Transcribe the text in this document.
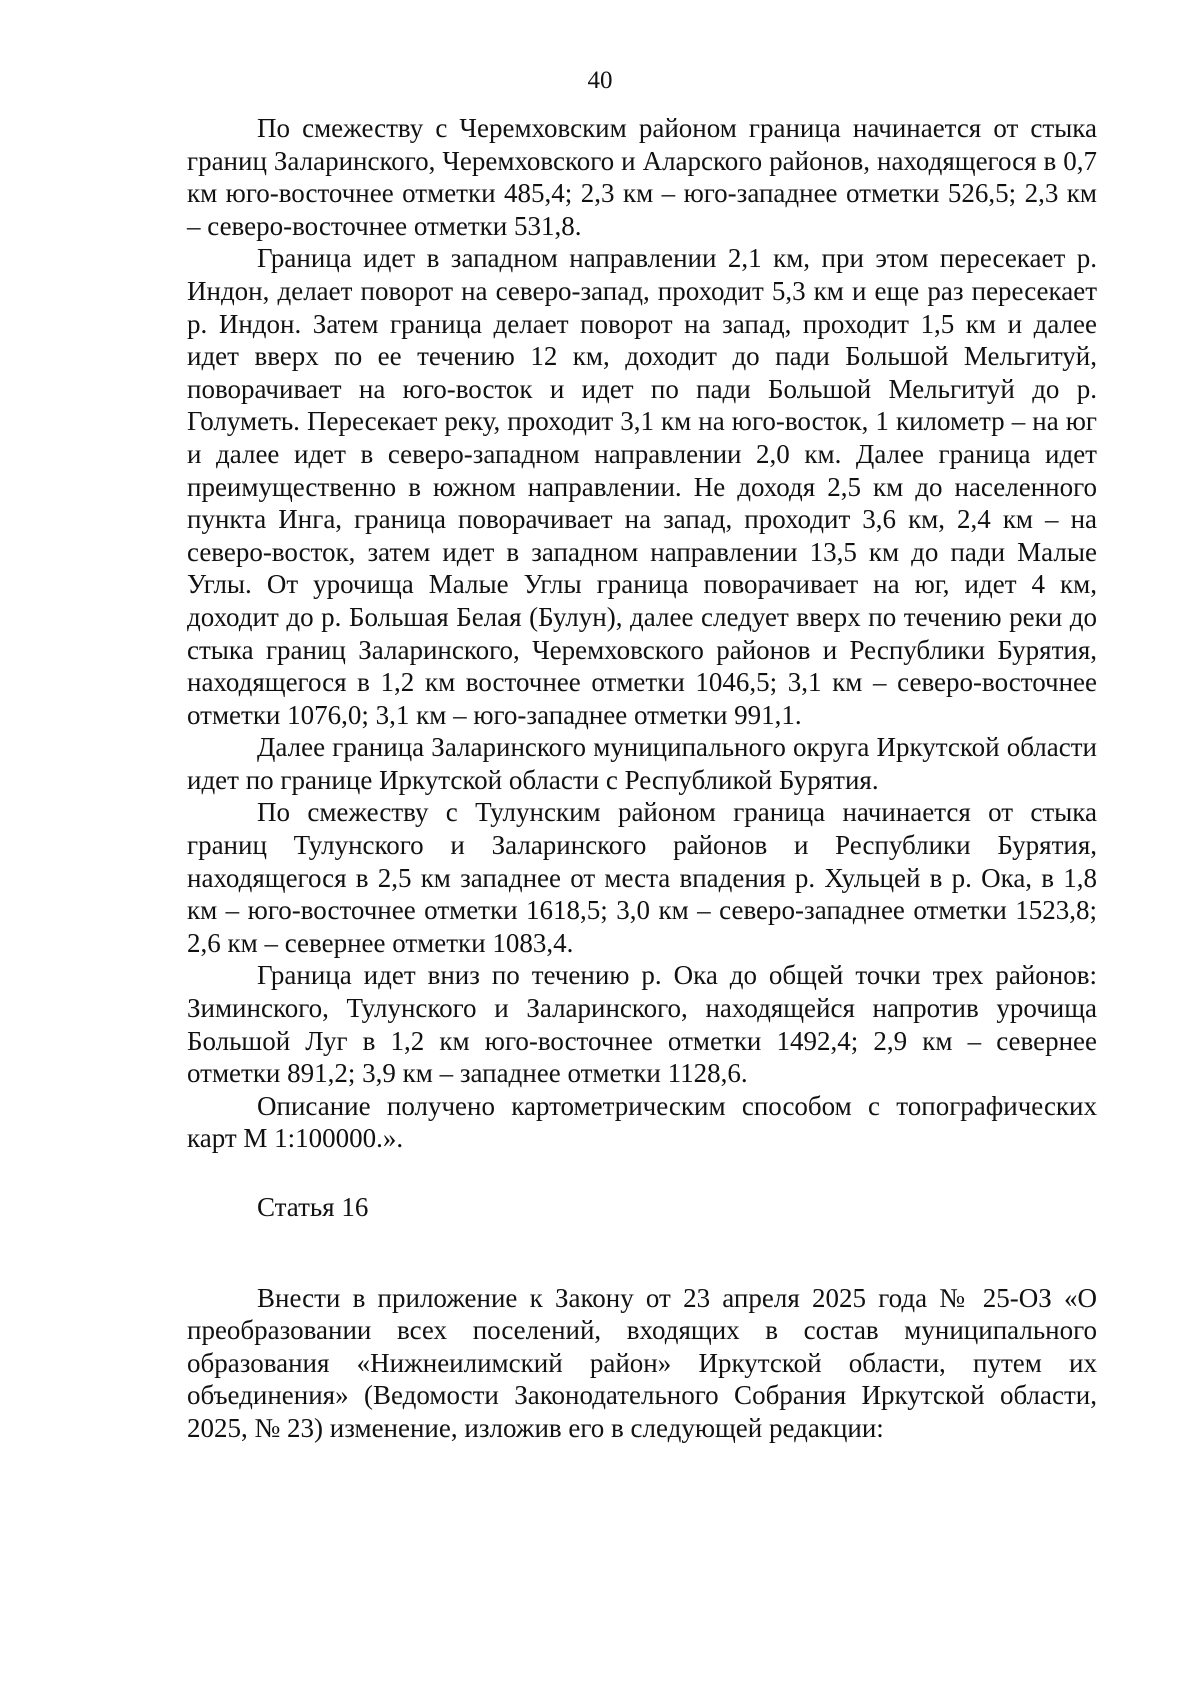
40

По смежеству с Черемховским районом граница начинается от стыка границ Заларинского, Черемховского и Аларского районов, находящегося в 0,7 км юго-восточнее отметки 485,4; 2,3 км – юго-западнее отметки 526,5; 2,3 км – северо-восточнее отметки 531,8.

Граница идет в западном направлении 2,1 км, при этом пересекает р. Индон, делает поворот на северо-запад, проходит 5,3 км и еще раз пересекает р. Индон. Затем граница делает поворот на запад, проходит 1,5 км и далее идет вверх по ее течению 12 км, доходит до пади Большой Мельгитуй, поворачивает на юго-восток и идет по пади Большой Мельгитуй до р. Голуметь. Пересекает реку, проходит 3,1 км на юго-восток, 1 километр – на юг и далее идет в северо-западном направлении 2,0 км. Далее граница идет преимущественно в южном направлении. Не доходя 2,5 км до населенного пункта Инга, граница поворачивает на запад, проходит 3,6 км, 2,4 км – на северо-восток, затем идет в западном направлении 13,5 км до пади Малые Углы. От урочища Малые Углы граница поворачивает на юг, идет 4 км, доходит до р. Большая Белая (Булун), далее следует вверх по течению реки до стыка границ Заларинского, Черемховского районов и Республики Бурятия, находящегося в 1,2 км восточнее отметки 1046,5; 3,1 км – северо-восточнее отметки 1076,0; 3,1 км – юго-западнее отметки 991,1.

Далее граница Заларинского муниципального округа Иркутской области идет по границе Иркутской области с Республикой Бурятия.

По смежеству с Тулунским районом граница начинается от стыка границ Тулунского и Заларинского районов и Республики Бурятия, находящегося в 2,5 км западнее от места впадения р. Хульцей в р. Ока, в 1,8 км – юго-восточнее отметки 1618,5; 3,0 км – северо-западнее отметки 1523,8; 2,6 км – севернее отметки 1083,4.

Граница идет вниз по течению р. Ока до общей точки трех районов: Зиминского, Тулунского и Заларинского, находящейся напротив урочища Большой Луг в 1,2 км юго-восточнее отметки 1492,4; 2,9 км – севернее отметки 891,2; 3,9 км – западнее отметки 1128,6.

Описание получено картометрическим способом с топографических карт М 1:100000.».

Статья 16

Внести в приложение к Закону от 23 апреля 2025 года № 25-ОЗ «О преобразовании всех поселений, входящих в состав муниципального образования «Нижнеилимский район» Иркутской области, путем их объединения» (Ведомости Законодательного Собрания Иркутской области, 2025, № 23) изменение, изложив его в следующей редакции:
